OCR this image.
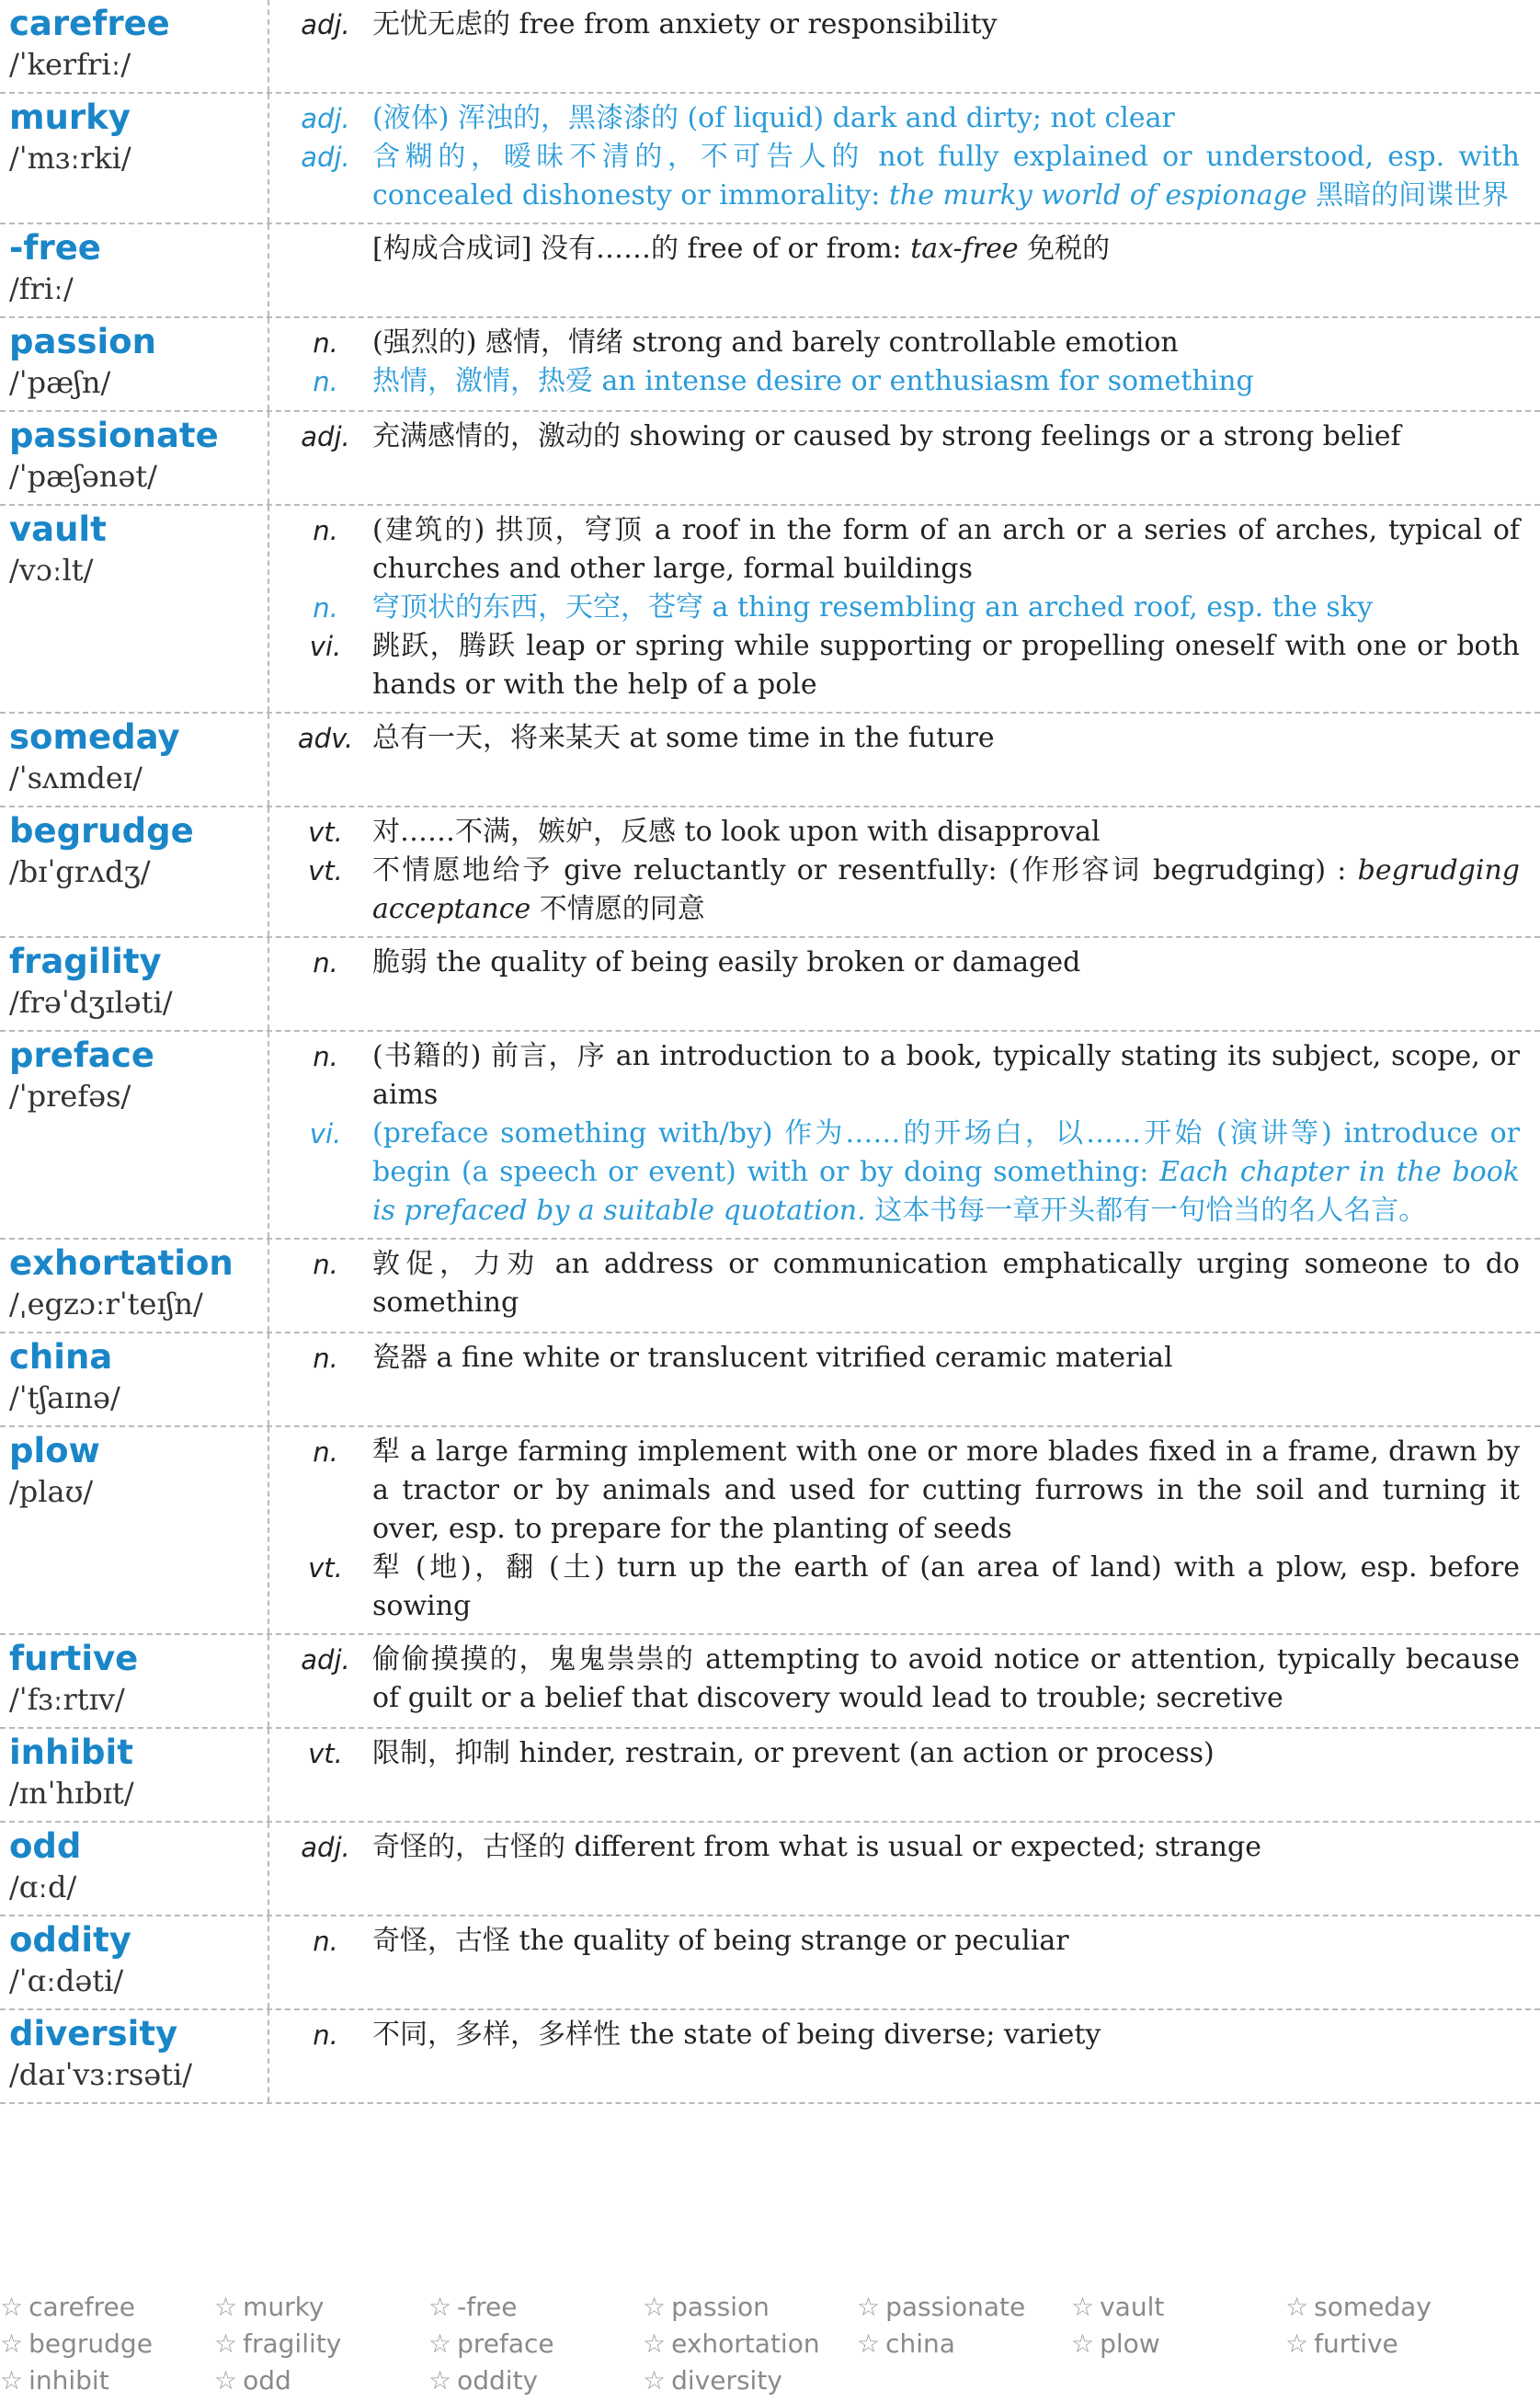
carefree
/ˈkerfriː/
adj. 无忧无虑的 free from anxiety or responsibility
murky
/ˈmɜːrki/
adj. (液体) 浑浊的，黑漆漆的 (of liquid) dark and dirty; not clear
adj. 含糊的，暧昧不清的，不可告人的 not fully explained or understood, esp. with concealed dishonesty or immorality: the murky world of espionage 黑暗的间谍世界
-free
/friː/
[构成合成词] 没有……的 free of or from: tax-free 免税的
passion
/ˈpæʃn/
n.	(强烈的) 感情，情绪 strong and barely controllable emotion
n.	热情，激情，热爱 an intense desire or enthusiasm for something
passionate
/ˈpæʃənət/
adj. 充满感情的，激动的 showing or caused by strong feelings or a strong belief
vault
/vɔːlt/
n.	(建筑的) 拱顶，穹顶 a roof in the form of an arch or a series of arches, typical of churches and other large, formal buildings
n.	穹顶状的东西，天空，苍穹 a thing resembling an arched roof, esp. the sky
vi.	跳跃，腾跃 leap or spring while supporting or propelling oneself with one or both hands or with the help of a pole
someday
/ˈsʌmdeɪ/
adv. 总有一天，将来某天 at some time in the future
begrudge
/bɪˈgrʌdʒ/
vt.	对……不满，嫉妒，反感 to look upon with disapproval
vt.	不情愿地给予 give reluctantly or resentfully: (作形容词 begrudging) : begrudging acceptance 不情愿的同意
fragility
/frəˈdʒɪləti/
n.	脆弱 the quality of being easily broken or damaged
preface
/ˈprefəs/
n.	(书籍的) 前言，序 an introduction to a book, typically stating its subject, scope, or aims
vi.	(preface something with/by) 作为……的开场白，以……开始 (演讲等) introduce or begin (a speech or event) with or by doing something: Each chapter in the book is prefaced by a suitable quotation. 这本书每一章开头都有一句恰当的名人名言。
exhortation
/ˌegzɔːrˈteɪʃn/
n.	敦促，力劝 an address or communication emphatically urging someone to do something
china
/ˈtʃaɪnə/
n.	瓷器 a fine white or translucent vitrified ceramic material
plow
/plaʊ/
n.	犁 a large farming implement with one or more blades fixed in a frame, drawn by a tractor or by animals and used for cutting furrows in the soil and turning it over, esp. to prepare for the planting of seeds
vt.	犁 (地)，翻 (土) turn up the earth of (an area of land) with a plow, esp. before sowing
furtive
/ˈfɜːrtɪv/
adj. 偷偷摸摸的，鬼鬼祟祟的 attempting to avoid notice or attention, typically because of guilt or a belief that discovery would lead to trouble; secretive
inhibit
/ɪnˈhɪbɪt/
vt.	限制，抑制 hinder, restrain, or prevent (an action or process)
odd
/ɑːd/
adj. 奇怪的，古怪的 different from what is usual or expected; strange
oddity
/ˈɑːdəti/
n.	奇怪，古怪 the quality of being strange or peculiar
diversity
/daɪˈvɜːrsəti/
n.	不同，多样，多样性 the state of being diverse; variety
☆ carefree	☆ murky	☆ -free	☆ passion	☆ passionate	☆ vault	☆ someday
☆ begrudge	☆ fragility	☆ preface	☆ exhortation	☆ china	☆ plow	☆ furtive
☆ inhibit	☆ odd	☆ oddity	☆ diversity
